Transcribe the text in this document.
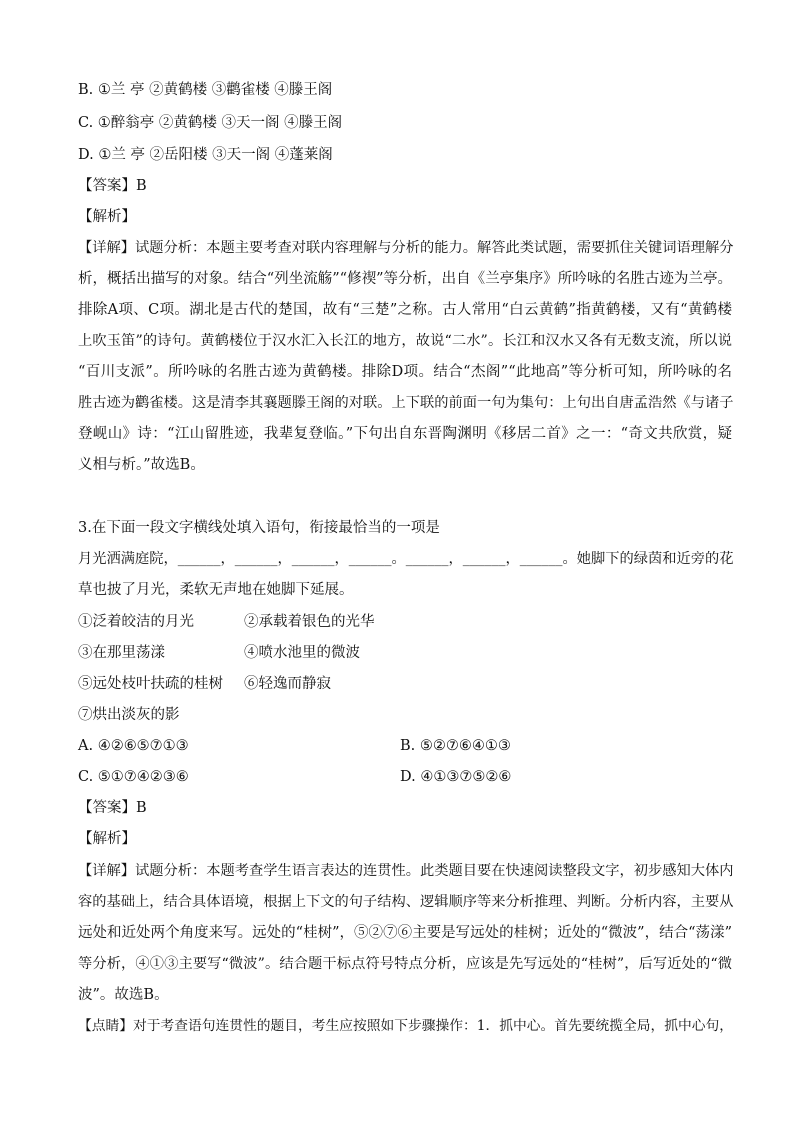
B. ①兰 亭 ②黄鹤楼 ③鹳雀楼 ④滕王阁
C. ①醉翁亭 ②黄鹤楼 ③天一阁 ④滕王阁
D. ①兰 亭 ②岳阳楼 ③天一阁 ④蓬莱阁
【答案】B
【解析】
【详解】试题分析：本题主要考查对联内容理解与分析的能力。解答此类试题，需要抓住关键词语理解分
析，概括出描写的对象。结合“列坐流觞”“修禊”等分析，出自《兰亭集序》所吟咏的名胜古迹为兰亭。
排除A项、C项。湖北是古代的楚国，故有“三楚”之称。古人常用“白云黄鹤”指黄鹤楼，又有“黄鹤楼
上吹玉笛”的诗句。黄鹤楼位于汉水汇入长江的地方，故说“二水”。长江和汉水又各有无数支流，所以说
“百川支派”。所吟咏的名胜古迹为黄鹤楼。排除D项。结合“杰阁”“此地高”等分析可知，所吟咏的名
胜古迹为鹳雀楼。这是清李其襄题滕王阁的对联。上下联的前面一句为集句：上句出自唐孟浩然《与诸子
登岘山》诗：“江山留胜迹，我辈复登临。”下句出自东晋陶渊明《移居二首》之一：“奇文共欣赏，疑
义相与析。”故选B。
3.在下面一段文字横线处填入语句，衔接最恰当的一项是
月光洒满庭院，______，______，______，______。______，______，______。她脚下的绿茵和近旁的花
草也披了月光，柔软无声地在她脚下延展。
①泛着皎洁的月光	②承载着银色的光华
③在那里荡漾	④喷水池里的微波
⑤远处枝叶扶疏的桂树 ⑥轻逸而静寂
⑦烘出淡灰的影
A. ④②⑥⑤⑦①③	B. ⑤②⑦⑥④①③
C. ⑤①⑦④②③⑥	D. ④①③⑦⑤②⑥
【答案】B
【解析】
【详解】试题分析：本题考查学生语言表达的连贯性。此类题目要在快速阅读整段文字，初步感知大体内
容的基础上，结合具体语境，根据上下文的句子结构、逻辑顺序等来分析推理、判断。分析内容，主要从
远处和近处两个角度来写。远处的“桂树”，⑤②⑦⑥主要是写远处的桂树；近处的“微波”，结合“荡漾”
等分析，④①③主要写“微波”。结合题干标点符号特点分析，应该是先写远处的“桂树”，后写近处的“微
波”。故选B。
【点睛】对于考查语句连贯性的题目，考生应按照如下步骤操作：1．抓中心。首先要统揽全局，抓中心句，
